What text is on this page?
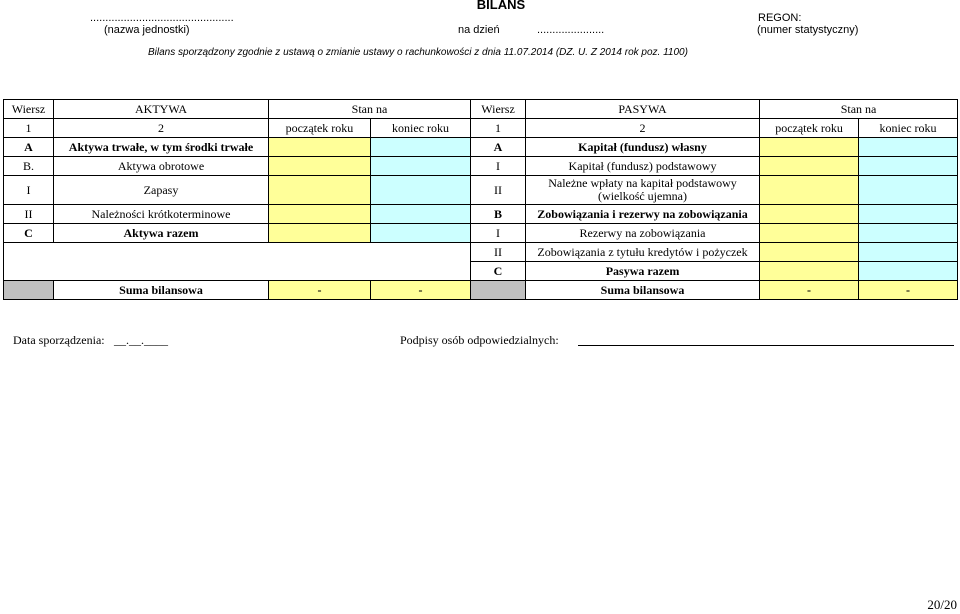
BILANS
...............................................
(nazwa jednostki)	na dzień	......................
REGON:
(numer statystyczny)
Bilans sporządzony zgodnie z ustawą o zmianie ustawy o rachunkowości z dnia 11.07.2014 (DZ. U. Z 2014 rok poz. 1100)
Wiersz	AKTYWA	Stan na		Wiersz	PASYWA	Stan na	
1	2	początek roku	koniec roku	1	2	początek roku	koniec roku
A	Aktywa trwałe, w tym środki trwałe			A	Kapitał (fundusz) własny		
B.	Aktywa obrotowe			I	Kapitał (fundusz) podstawowy		
I	Zapasy			II	Należne wpłaty na kapitał podstawowy (wielkość ujemna)		
II	Należności krótkoterminowe			B	Zobowiązania i rezerwy na zobowiązania		
C	Aktywa razem			I	Rezerwy na zobowiązania		
				II	Zobowiązania z tytułu kredytów i pożyczek		
				C	Pasywa razem		
	Suma bilansowa	-	-		Suma bilansowa	-	-
Data sporządzenia: __.__.____	Podpisy osób odpowiedzialnych:
20/20
